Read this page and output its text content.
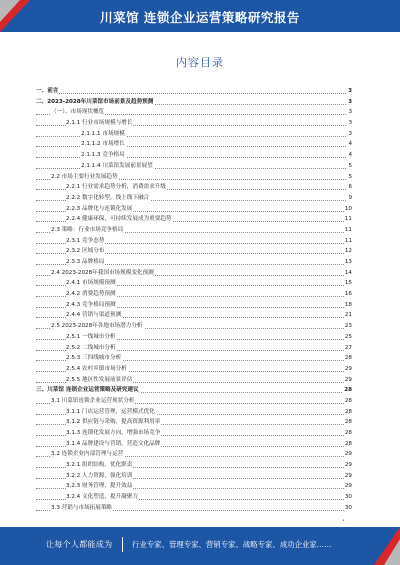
川菜馆 连锁企业运营策略研究报告
内容目录
一、前言	3
二、2023-2028年川菜馆市场前景及趋势预测	3
（一）、市场现状概览	3
2.1.1 行业市场规模与增长	3
2.1.1.1 市场规模	3
2.1.1.2 市场增长	4
2.1.1.3 竞争格局	4
2.1.1.4 川菜馆发展前景展望	5
2.2 市场主要行业发展趋势	5
2.2.1 行业需求趋势分析，消费需求升级	6
2.2.2 数字化转型，线上线下融合	9
2.2.3 品牌化与连锁化发展	10
2.2.4 健康环保，可持续发展成为重要趋势	11
2.3 策略：行业市场竞争格局	11
2.3.1 竞争态势	11
2.3.2 区域分布	12
2.3.3 品牌格局	13
2.4 2023-2028年我国市场规模变化预测	14
2.4.1 市场规模预测	15
2.4.2 消费趋势预测	16
2.4.3 竞争格局预测	18
2.4.4 营销与渠道预测	21
2.5 2023-2028年各地市场潜力分析	23
2.5.1 一线城市分析	25
2.5.2 二线城市分析	27
2.5.3 三四线城市分析	28
2.5.4 农村乡镇市场分析	29
2.5.5 地区性发展前景评估	29
三、川菜馆 连锁企业运营策略及研究建议	28
3.1 川菜馆连锁企业运营现状分析	28
3.1.1 门店运营管理，运营模式优化	28
3.1.2 供应链与采购，提高资源利用率	28
3.1.3 连锁化发展方向，增强市场竞争	28
3.1.4 品牌建设与营销，营造文化品牌	28
3.2 连锁企业内部管理与运营	29
3.2.1 组织结构，优化职责	29
3.2.2 人力资源，强化培训	29
3.2.3 财务管理，提升效益	29
3.2.4 文化塑造，提升凝聚力	30
3.3 营销与市场拓展策略	30
•
让每个人都能成为	行业专家、管理专家、营销专家、战略专家、成功企业家……
